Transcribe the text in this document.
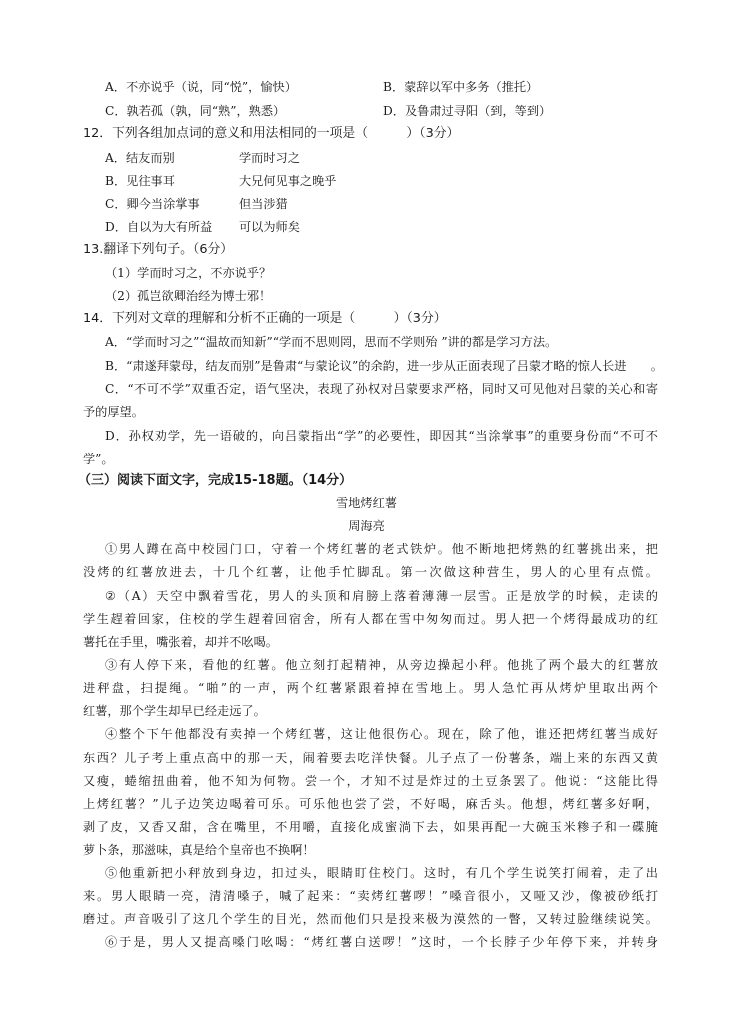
A．不亦说乎（说，同“悦”，愉快）	B．蒙辞以军中多务（推托）
C．孰若孤（孰，同“熟”，熟悉）	D．及鲁肃过寻阳（到，等到）
12．下列各组加点词的意义和用法相同的一项是（　　　）（3分）
A．结友而别	学而时习之
B．见往事耳	大兄何见事之晚乎
C．卿今当涂掌事	但当涉猎
D．自以为大有所益 可以为师矣
13.翻译下列句子。（6分）
（1）学而时习之，不亦说乎？
（2）孤岂欲卿治经为博士邪！
14．下列对文章的理解和分析不正确的一项是（　　　）（3分）
A．“学而时习之”“温故而知新”“学而不思则罔，思而不学则殆 ”讲的都是学习方法。
B．“肃遂拜蒙母，结友而别”是鲁肃“与蒙论议”的余韵，进一步从正面表现了吕蒙才略的惊人长进　　。
C．“不可不学”双重否定，语气坚决，表现了孙权对吕蒙要求严格，同时又可见他对吕蒙的关心和寄
予的厚望。
D．孙权劝学，先一语破的，向吕蒙指出“学”的必要性，即因其“当涂掌事”的重要身份而“不可不
学”。
（三）阅读下面文字，完成15-18题。（14分）
雪地烤红薯
周海亮
①男人蹲在高中校园门口，守着一个烤红薯的老式铁炉。他不断地把烤熟的红薯挑出来，把
没烤的红薯放进去，十几个红薯，让他手忙脚乱。第一次做这种营生，男人的心里有点慌。
②（A）天空中飘着雪花，男人的头顶和肩膀上落着薄薄一层雪。正是放学的时候，走读的
学生趕着回家，住校的学生趕着回宿舍，所有人都在雪中匆匆而过。男人把一个烤得最成功的红
薯托在手里，嘴张着，却并不吆喝。
③有人停下来，看他的红薯。他立刻打起精神，从旁边操起小秤。他挑了两个最大的红薯放
进秤盘，扫提绳。“啪”的一声，两个红薯紧跟着掉在雪地上。男人急忙再从烤炉里取出两个
红薯，那个学生却早已经走远了。
④整个下午他都没有卖掉一个烤红薯，这让他很伤心。现在，除了他，谁还把烤红薯当成好
东西？儿子考上重点高中的那一天，闹着要去吃洋快餐。儿子点了一份薯条，端上来的东西又黄
又瘦，蜷缩扭曲着，他不知为何物。尝一个，才知不过是炸过的土豆条罢了。他说：“这能比得
上烤红薯？”儿子边笑边喝着可乐。可乐他也尝了尝，不好喝，麻舌头。他想，烤红薯多好啊，
剥了皮，又香又甜，含在嘴里，不用嚼，直接化成蜜淌下去，如果再配一大碗玉米糁子和一碟腌
萝卜条，那滋味，真是给个皇帝也不换啊！
⑤他重新把小秤放到身边，扣过头，眼睛盯住校门。这时，有几个学生说笑打闹着，走了出
来。男人眼睛一亮，清清嗓子，喊了起来：“卖烤红薯啰！”嗓音很小，又哑又沙，像被砂纸打
磨过。声音吸引了这几个学生的目光，然而他们只是投来极为漠然的一瞥，又转过脸继续说笑。
⑥于是，男人又提高嗓门吆喝：“烤红薯白送啰！”这时，一个长脖子少年停下来，并转身
